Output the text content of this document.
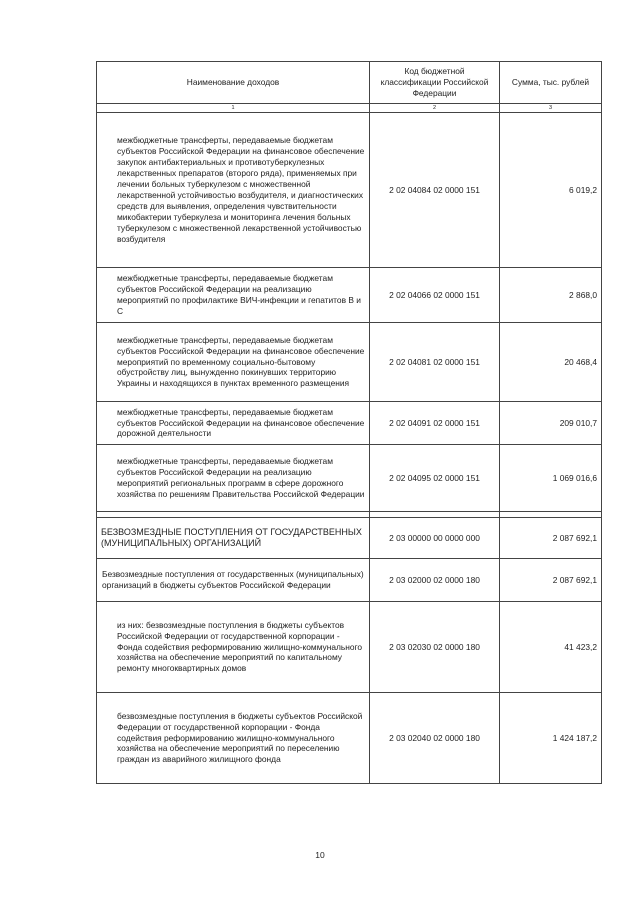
Наименование доходов	Код бюджетной классификации Российской Федерации	Сумма, тыс. рублей
1	2	3
межбюджетные трансферты, передаваемые бюджетам субъектов Российской Федерации на финансовое обеспечение закупок антибактериальных и противотуберкулезных лекарственных препаратов (второго ряда), применяемых при лечении больных туберкулезом с множественной лекарственной устойчивостью возбудителя, и диагностических средств для выявления, определения чувствительности микобактерии туберкулеза и мониторинга лечения больных туберкулезом с множественной лекарственной устойчивостью возбудителя	2 02 04084 02 0000 151	6 019,2
межбюджетные трансферты, передаваемые бюджетам субъектов Российской Федерации на реализацию мероприятий по профилактике ВИЧ-инфекции и гепатитов В и С	2 02 04066 02 0000 151	2 868,0
межбюджетные трансферты, передаваемые бюджетам субъектов Российской Федерации на финансовое обеспечение мероприятий по временному социально-бытовому обустройству лиц, вынужденно покинувших территорию Украины и находящихся в пунктах временного размещения	2 02 04081 02 0000 151	20 468,4
межбюджетные трансферты, передаваемые бюджетам субъектов Российской Федерации на финансовое обеспечение дорожной деятельности	2 02 04091 02 0000 151	209 010,7
межбюджетные трансферты, передаваемые бюджетам субъектов Российской Федерации на реализацию мероприятий региональных программ в сфере дорожного хозяйства по решениям Правительства Российской Федерации	2 02 04095 02 0000 151	1 069 016,6

БЕЗВОЗМЕЗДНЫЕ ПОСТУПЛЕНИЯ ОТ ГОСУДАРСТВЕННЫХ (МУНИЦИПАЛЬНЫХ) ОРГАНИЗАЦИЙ	2 03 00000 00 0000 000	2 087 692,1
Безвозмездные поступления от государственных (муниципальных) организаций в бюджеты субъектов Российской Федерации	2 03 02000 02 0000 180	2 087 692,1
из них: безвозмездные поступления в бюджеты субъектов Российской Федерации от государственной корпорации - Фонда содействия реформированию жилищно-коммунального хозяйства на обеспечение мероприятий по капитальному ремонту многоквартирных домов	2 03 02030 02 0000 180	41 423,2
безвозмездные поступления в бюджеты субъектов Российской Федерации от государственной корпорации - Фонда содействия реформированию жилищно-коммунального хозяйства на обеспечение мероприятий по переселению граждан из аварийного жилищного фонда	2 03 02040 02 0000 180	1 424 187,2
10
